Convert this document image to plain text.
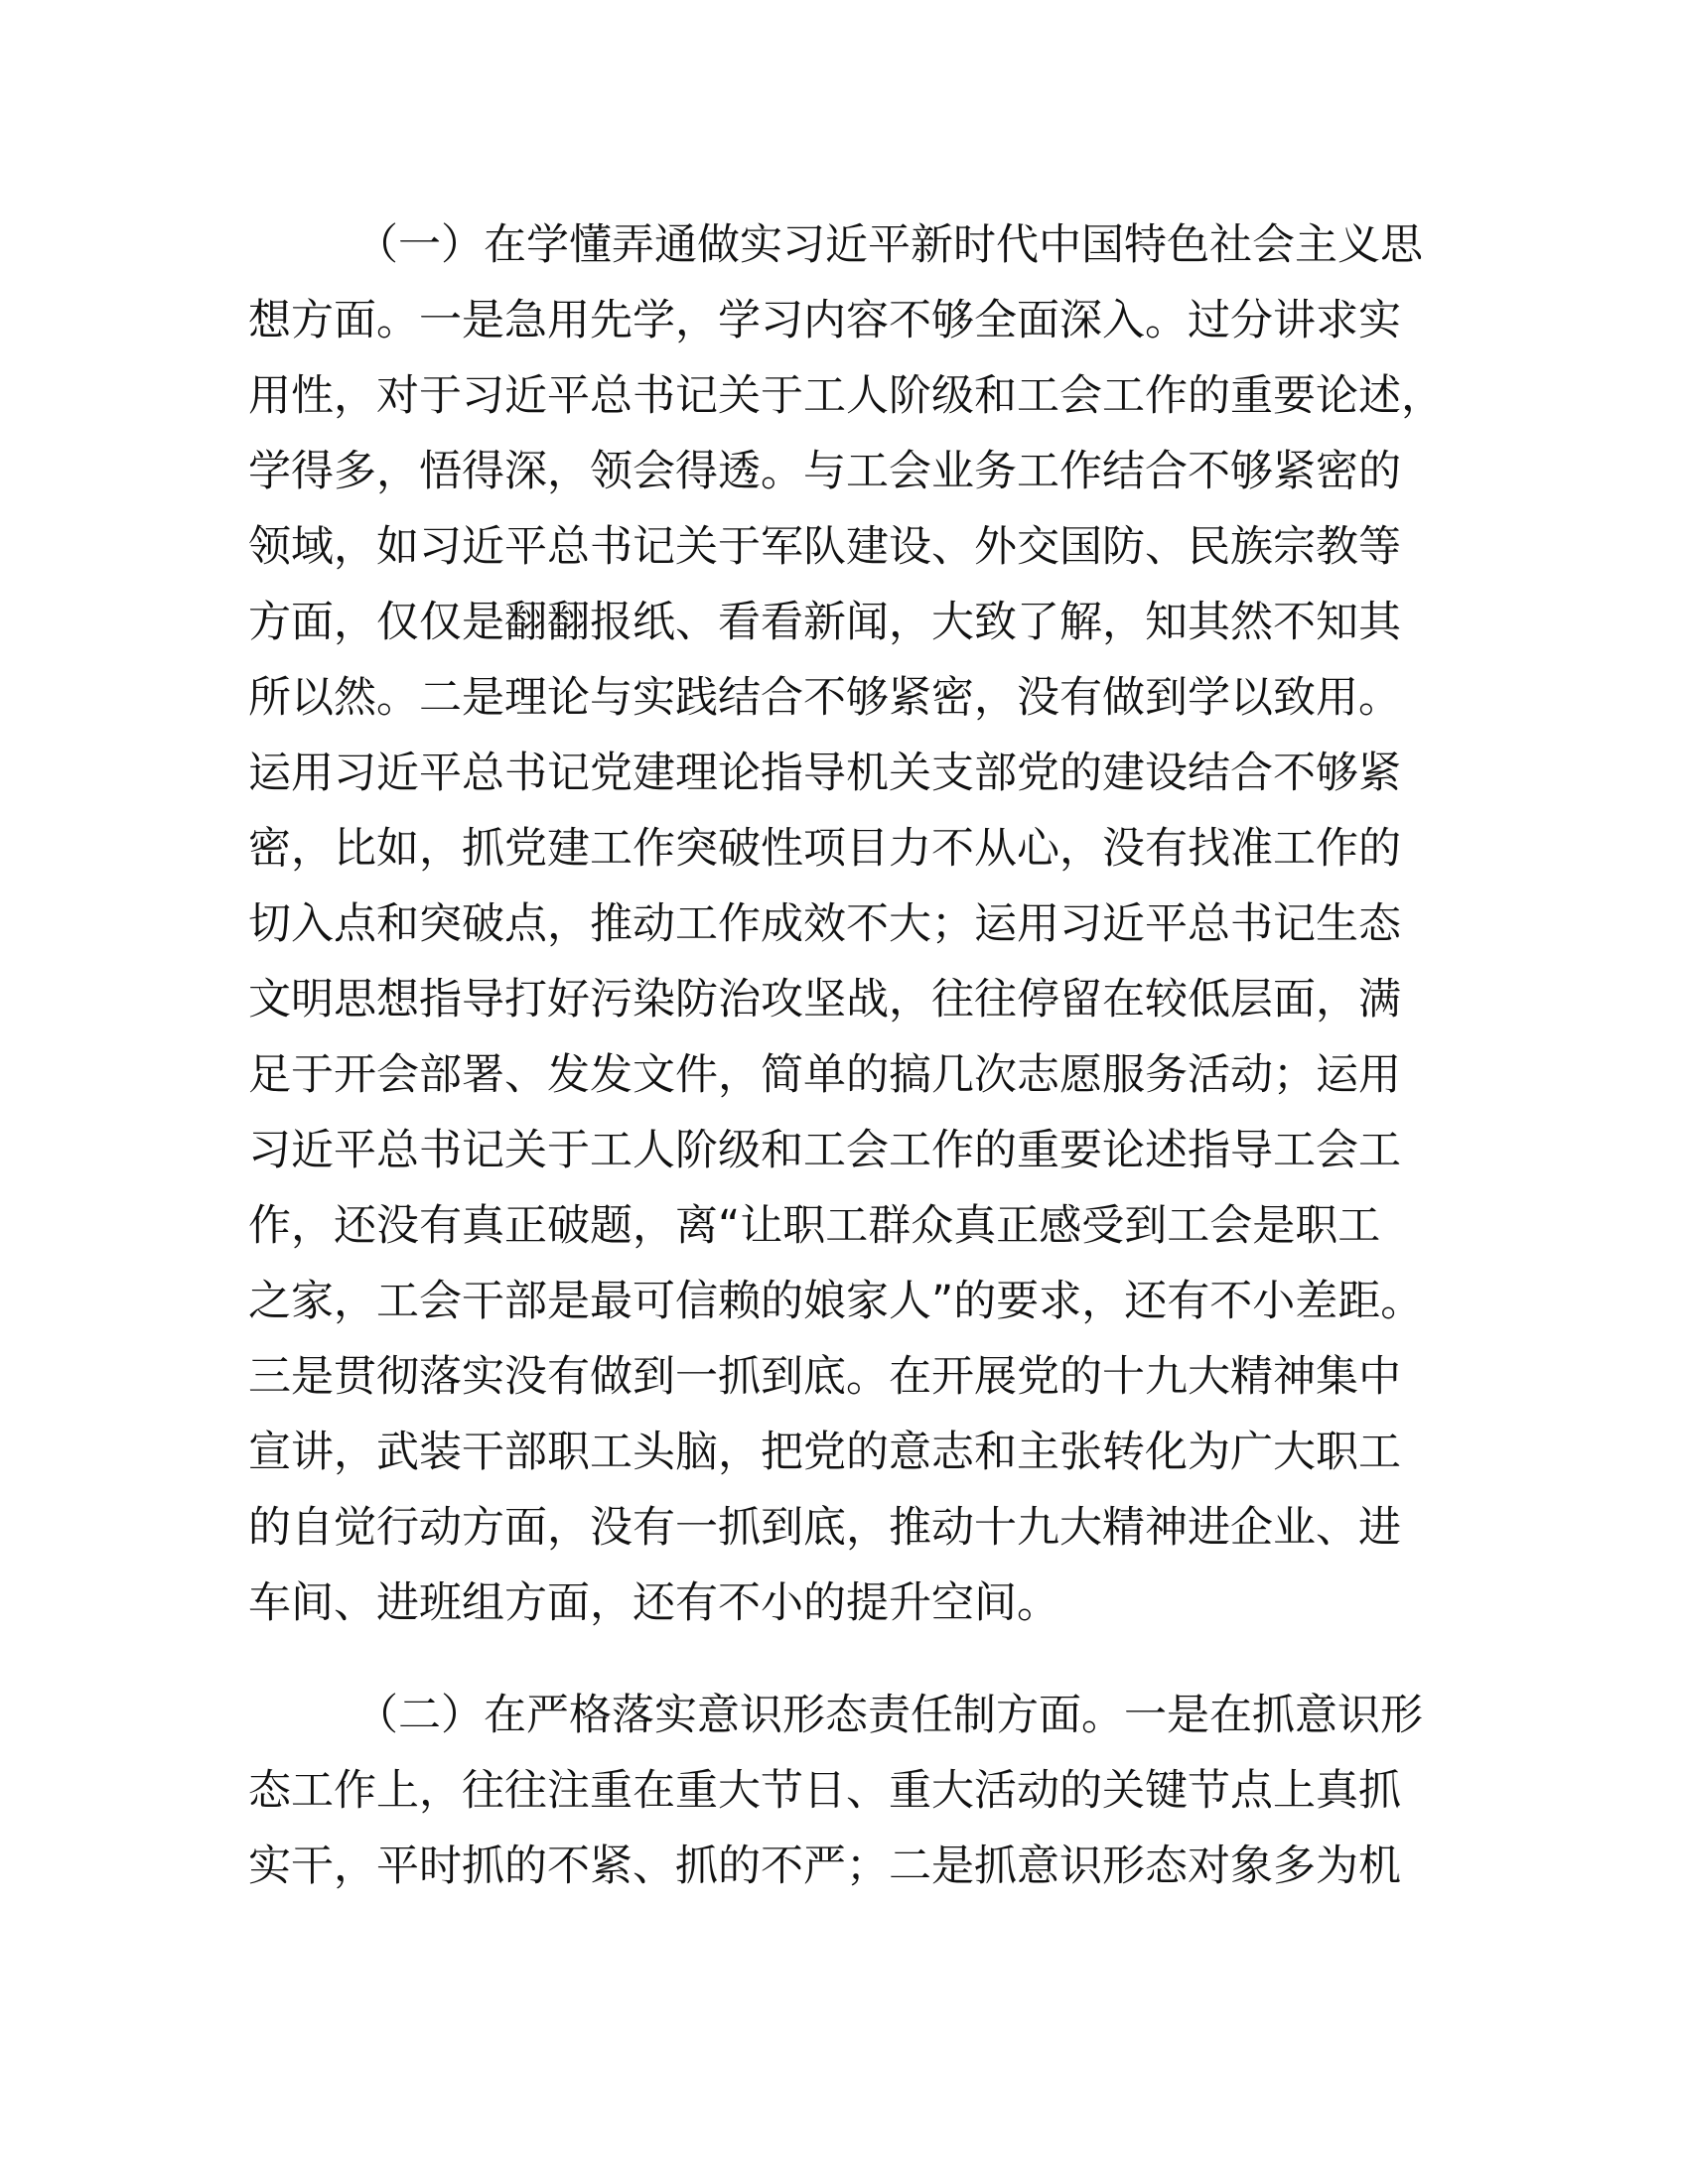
（一）在学懂弄通做实习近平新时代中国特色社会主义思
想方面。一是急用先学，学习内容不够全面深入。过分讲求实
用性，对于习近平总书记关于工人阶级和工会工作的重要论述，
学得多，悟得深，领会得透。与工会业务工作结合不够紧密的
领域，如习近平总书记关于军队建设、外交国防、民族宗教等
方面，仅仅是翻翻报纸、看看新闻，大致了解，知其然不知其
所以然。二是理论与实践结合不够紧密，没有做到学以致用。
运用习近平总书记党建理论指导机关支部党的建设结合不够紧
密，比如，抓党建工作突破性项目力不从心，没有找准工作的
切入点和突破点，推动工作成效不大；运用习近平总书记生态
文明思想指导打好污染防治攻坚战，往往停留在较低层面，满
足于开会部署、发发文件，简单的搞几次志愿服务活动；运用
习近平总书记关于工人阶级和工会工作的重要论述指导工会工
作，还没有真正破题，离“让职工群众真正感受到工会是职工
之家，工会干部是最可信赖的娘家人”的要求，还有不小差距。
三是贯彻落实没有做到一抓到底。在开展党的十九大精神集中
宣讲，武装干部职工头脑，把党的意志和主张转化为广大职工
的自觉行动方面，没有一抓到底，推动十九大精神进企业、进
车间、进班组方面，还有不小的提升空间。
（二）在严格落实意识形态责任制方面。一是在抓意识形
态工作上，往往注重在重大节日、重大活动的关键节点上真抓
实干，平时抓的不紧、抓的不严；二是抓意识形态对象多为机
